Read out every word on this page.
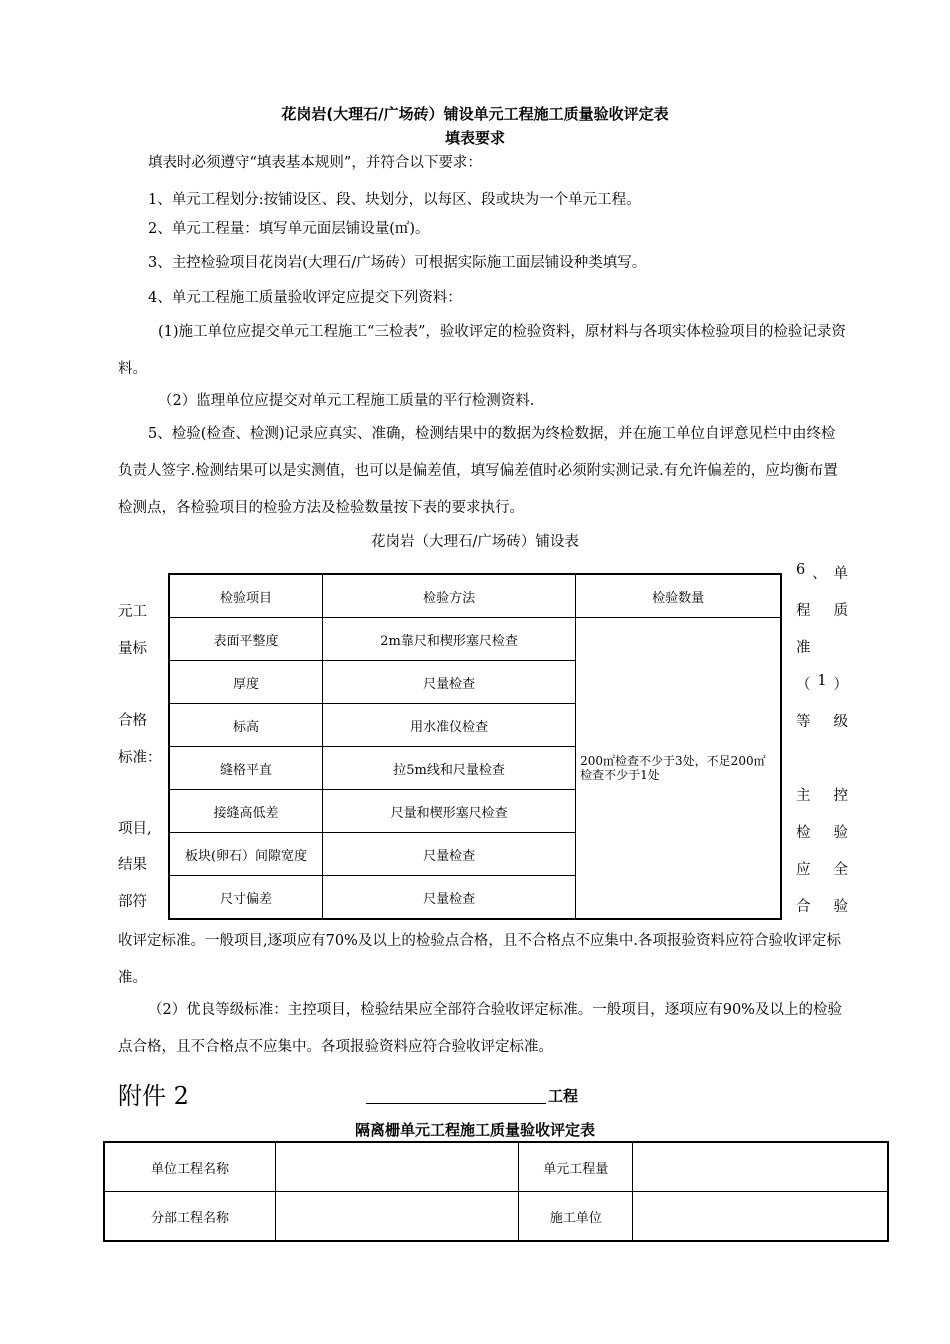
花岗岩(大理石/广场砖）铺设单元工程施工质量验收评定表
填表要求
填表时必须遵守“填表基本规则”，并符合以下要求：
1、单元工程划分:按铺设区、段、块划分，以每区、段或块为一个单元工程。
2、单元工程量：填写单元面层铺设量(㎡)。
3、主控检验项目花岗岩(大理石/广场砖）可根据实际施工面层铺设种类填写。
4、单元工程施工质量验收评定应提交下列资料：
(1)施工单位应提交单元工程施工“三检表”，验收评定的检验资料，原材料与各项实体检验项目的检验记录资料。
（2）监理单位应提交对单元工程施工质量的平行检测资料.
5、检验(检查、检测)记录应真实、准确，检测结果中的数据为终检数据，并在施工单位自评意见栏中由终检负责人签字.检测结果可以是实测值，也可以是偏差值，填写偏差值时必须附实测记录.有允许偏差的，应均衡布置检测点，各检验项目的检验方法及检验数量按下表的要求执行。
花岗岩（大理石/广场砖）铺设表
元工
量标
合格
标准：
项目,
结果
部符
6 、 单
程 质
准
（ 1 ）
等 级
主 控
检 验
应 全
合 验
检验项目	检验方法	检验数量
表面平整度	2m靠尺和楔形塞尺检查	200㎡检查不少于3处，不足200㎡检查不少于1处
厚度	尺量检查	
标高	用水准仪检查	
缝格平直	拉5m线和尺量检查	
接缝高低差	尺量和楔形塞尺检查	
板块(卵石）间隙宽度	尺量检查	
尺寸偏差	尺量检查	
收评定标准。一般项目,逐项应有70%及以上的检验点合格，且不合格点不应集中.各项报验资料应符合验收评定标准。
（2）优良等级标准：主控项目，检验结果应全部符合验收评定标准。一般项目，逐项应有90%及以上的检验点合格，且不合格点不应集中。各项报验资料应符合验收评定标准。
附件 2	工程
隔离栅单元工程施工质量验收评定表
单位工程名称		单元工程量	
分部工程名称		施工单位	
